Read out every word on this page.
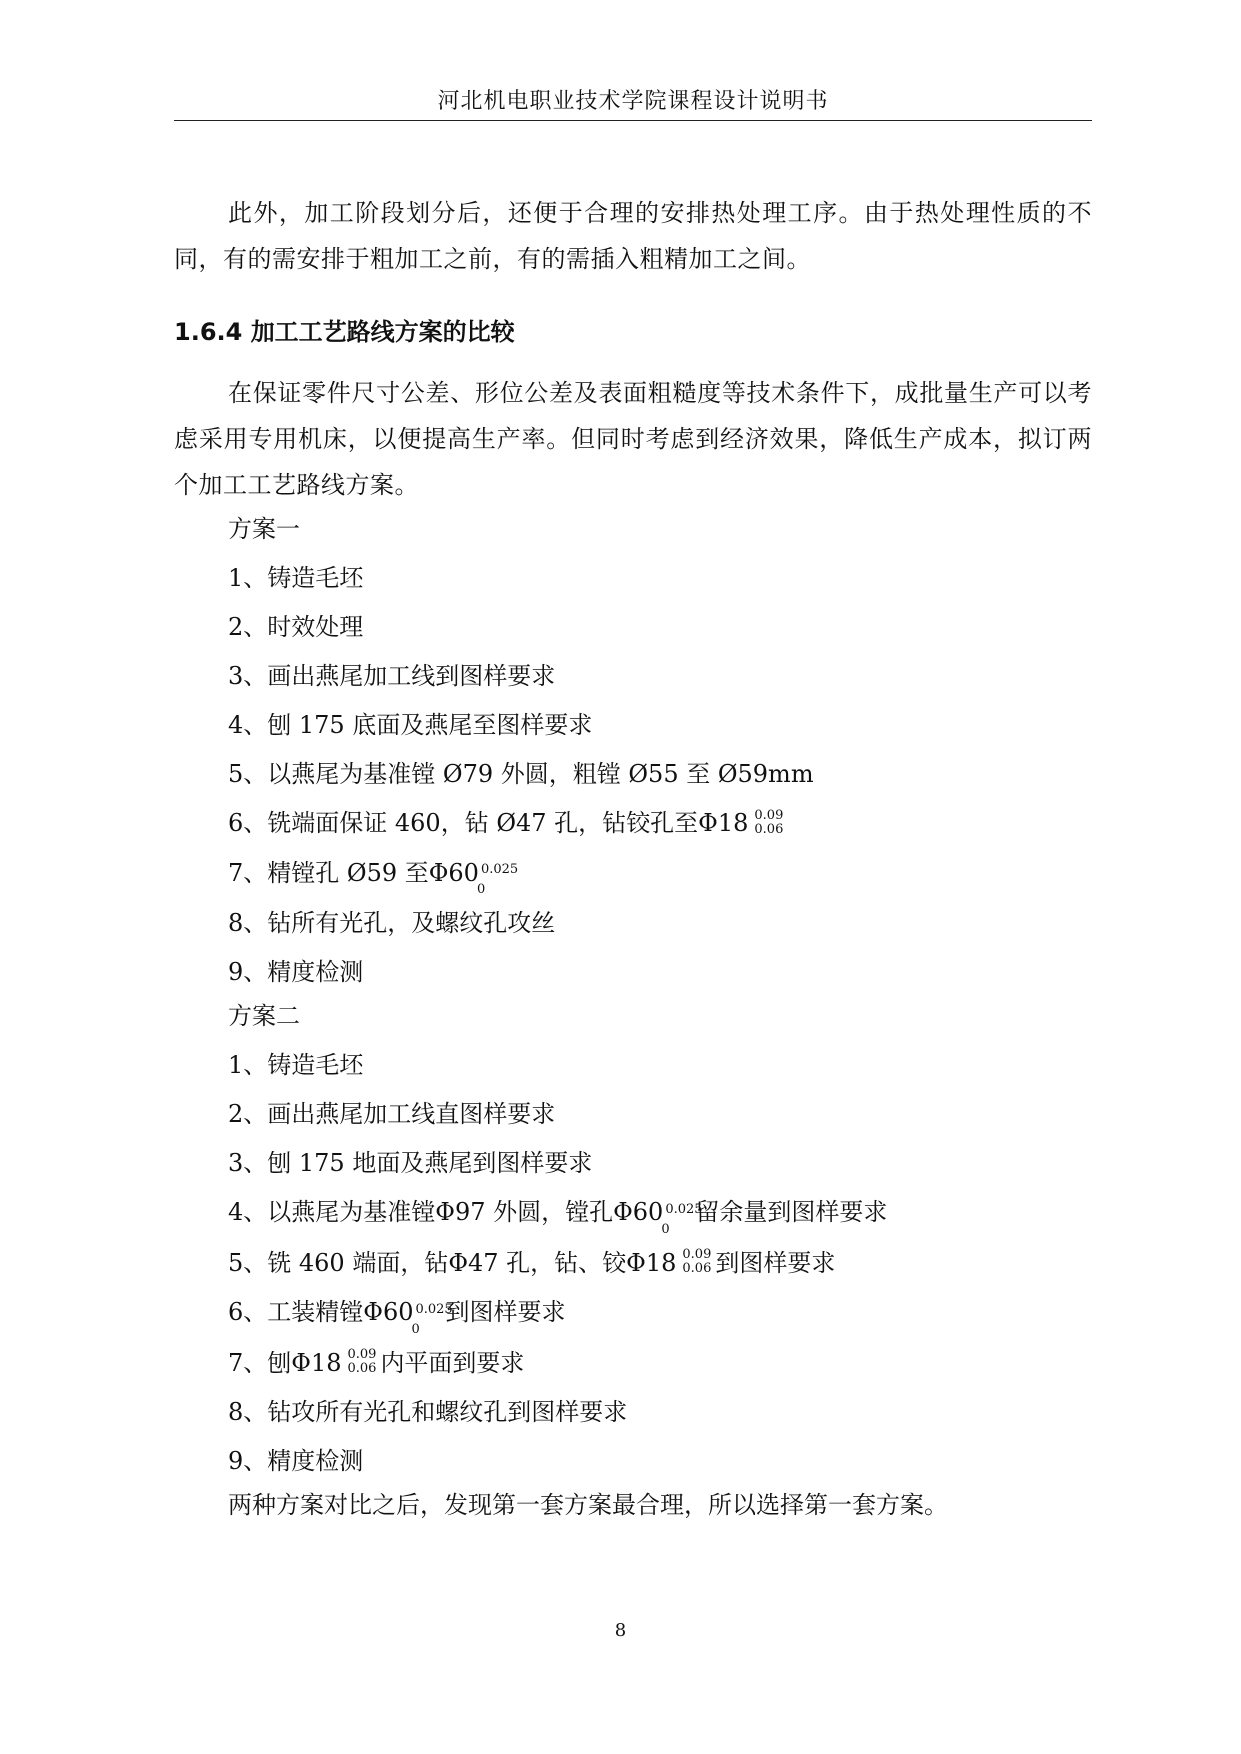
河北机电职业技术学院课程设计说明书

此外，加工阶段划分后，还便于合理的安排热处理工序。由于热处理性质的不同，有的需安排于粗加工之前，有的需插入粗精加工之间。

1.6.4 加工工艺路线方案的比较

在保证零件尺寸公差、形位公差及表面粗糙度等技术条件下，成批量生产可以考虑采用专用机床，以便提高生产率。但同时考虑到经济效果，降低生产成本，拟订两个加工工艺路线方案。

方案一
1、铸造毛坯
2、时效处理
3、画出燕尾加工线到图样要求
4、刨 175 底面及燕尾至图样要求
5、以燕尾为基准镗 Ø79 外圆，粗镗 Ø55 至 Ø59mm
6、铣端面保证 460，钻 Ø47 孔，钻铰孔至Φ18 0.09
0.06
7、精镗孔 Ø59 至Φ60 0.025
0
8、钻所有光孔，及螺纹孔攻丝
9、精度检测
方案二
1、铸造毛坯
2、画出燕尾加工线直图样要求
3、刨 175 地面及燕尾到图样要求
4、以燕尾为基准镗Φ97 外圆，镗孔Φ60 0.025
0
留余量到图样要求
5、铣 460 端面，钻Φ47 孔，钻、铰Φ18 0.09
0.06 到图样要求
6、工装精镗Φ60 0.025
0
到图样要求
7、刨Φ18 0.09
0.06 内平面到要求
8、钻攻所有光孔和螺纹孔到图样要求
9、精度检测
两种方案对比之后，发现第一套方案最合理，所以选择第一套方案。
8
